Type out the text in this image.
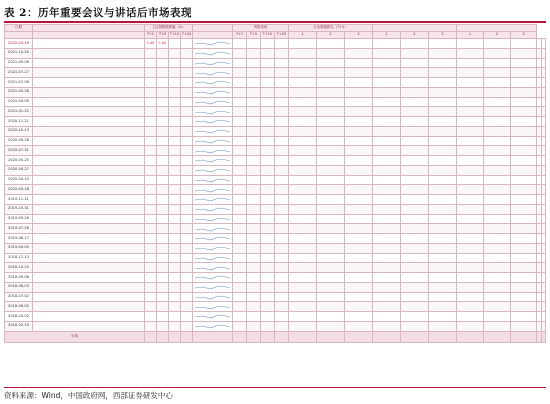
表 2：历年重要会议与讲话后市场表现
日期		上证指数涨跌幅（%）					风格表现				行业涨幅排名（T+1）										
		T+1	T+5	T+10	T+20		T+1	T+5	T+10	T+20	1	2	3	1	2	3	1	2	3		
2022-03-16		1.49	1.83			

2021-10-20						

2021-09-06						

2021-07-27						

2021-07-06						

2021-05-28						

2021-04-09						

2021-01-22						

2020-11-21						

2020-10-13						

2020-09-28						

2020-07-31						

2020-05-25						

2020-04-27						

2020-04-10						

2020-03-18						

2019-11-21						

2019-10-31						

2019-09-26						

2019-07-26						

2019-06-17						

2019-04-05						

2018-12-13						

2018-10-20						

2018-09-06						

2018-08-03						

2018-07-02						

2018-06-02						

2018-03-02						

2016-02-19						

平均																					
资料来源：Wind，中国政府网，西部证券研发中心
